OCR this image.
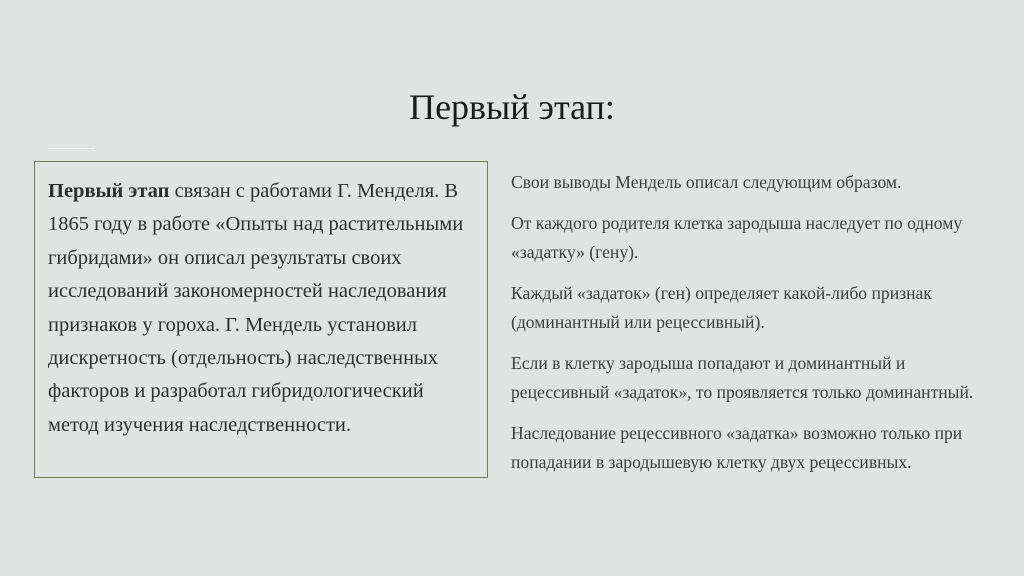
Первый этап:
Первый этап связан с работами Г. Менделя. В 1865 году в работе «Опыты над растительными гибридами» он описал результаты своих исследований закономерностей наследования признаков у гороха. Г. Мендель установил дискретность (отдельность) наследственных факторов и разработал гибридологический метод изучения наследственности.

Свои выводы Мендель описал следующим образом.

От каждого родителя клетка зародыша наследует по одному «задатку» (гену).

Каждый «задаток» (ген) определяет какой-либо признак (доминантный или рецессивный).

Если в клетку зародыша попадают и доминантный и рецессивный «задаток», то проявляется только доминантный.

Наследование рецессивного «задатка» возможно только при попадании в зародышевую клетку двух рецессивных.
